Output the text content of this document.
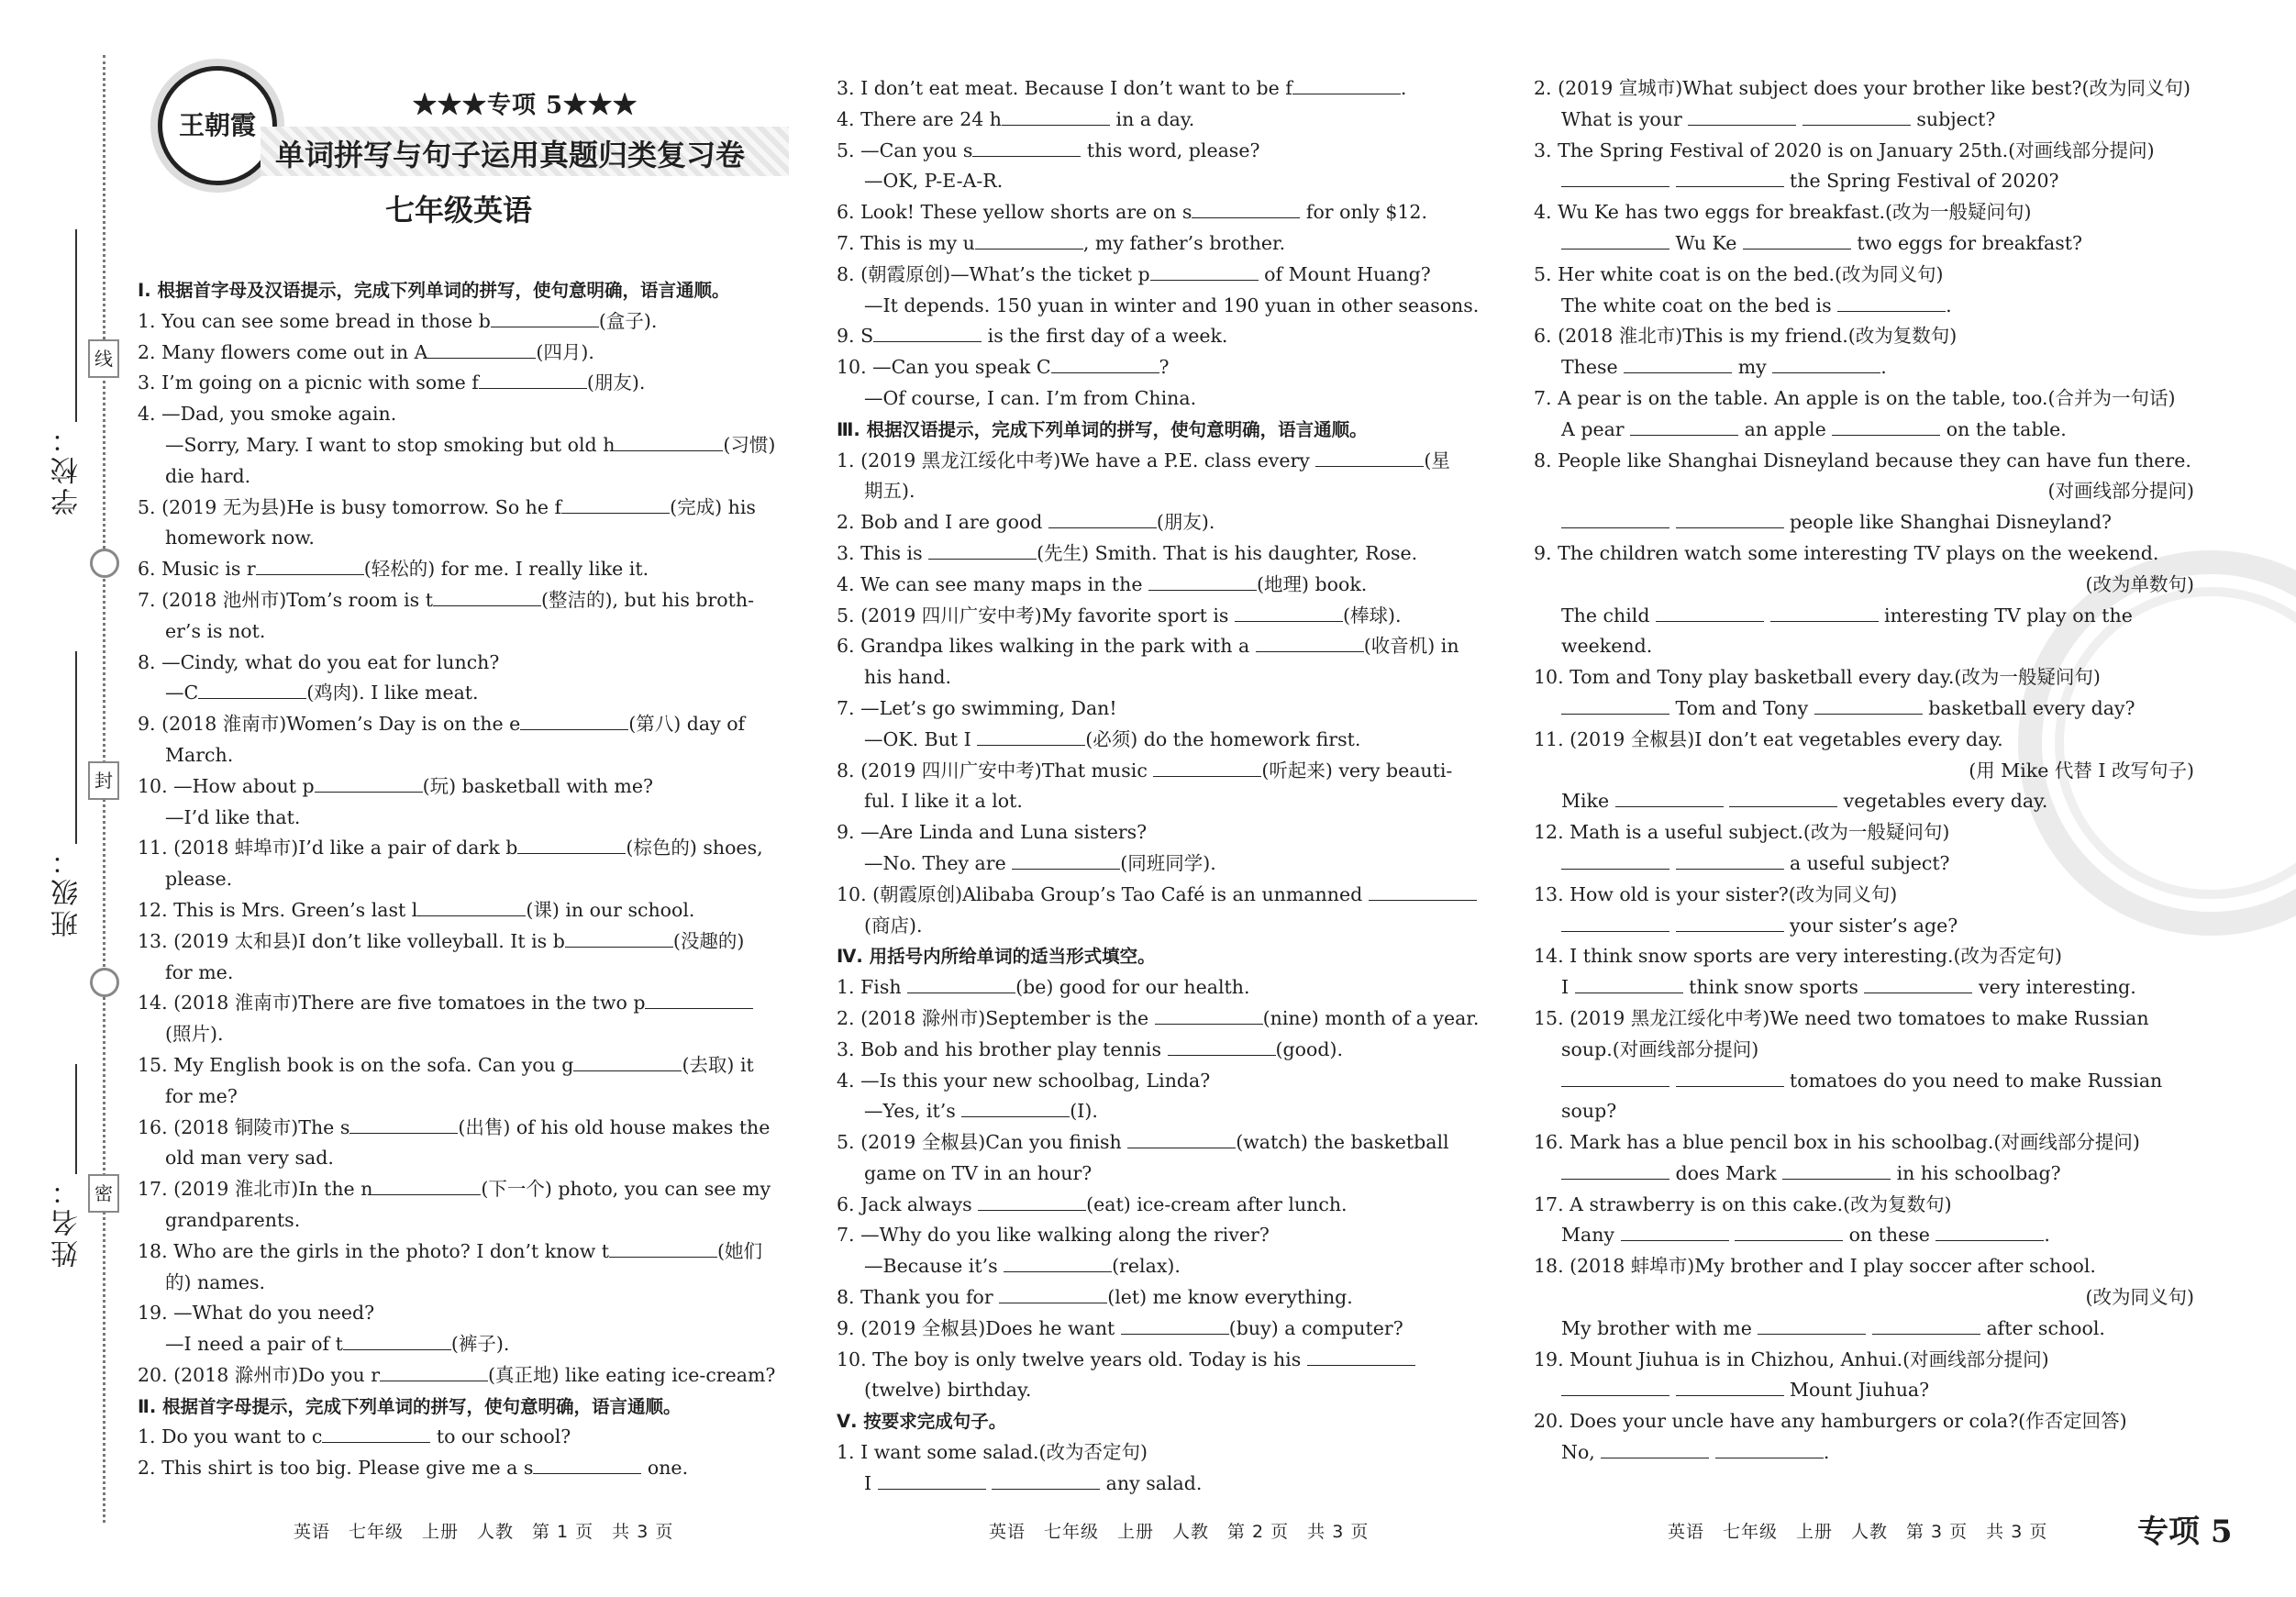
姓名：
班级：
学校：
线
封
密
王朝霞
★★★专项 5★★★
单词拼写与句子运用真题归类复习卷
七年级英语
Ⅰ. 根据首字母及汉语提示，完成下列单词的拼写，使句意明确，语言通顺。
1. You can see some bread in those b	(盒子).
2. Many flowers come out in A	(四月).
3. I’m going on a picnic with some f	(朋友).
4. —Dad, you smoke again.
—Sorry, Mary. I want to stop smoking but old h	(习惯)
die hard.
5. (2019 无为县)He is busy tomorrow. So he f	(完成) his
homework now.
6. Music is r	(轻松的) for me. I really like it.
7. (2018 池州市)Tom’s room is t	(整洁的), but his broth-
er’s is not.
8. —Cindy, what do you eat for lunch?
—C	(鸡肉). I like meat.
9. (2018 淮南市)Women’s Day is on the e	(第八) day of
March.
10. —How about p	(玩) basketball with me?
—I’d like that.
11. (2018 蚌埠市)I’d like a pair of dark b	(棕色的) shoes,
please.
12. This is Mrs. Green’s last l	(课) in our school.
13. (2019 太和县)I don’t like volleyball. It is b	(没趣的)
for me.
14. (2018 淮南市)There are five tomatoes in the two p
(照片).
15. My English book is on the sofa. Can you g	(去取) it
for me?
16. (2018 铜陵市)The s	(出售) of his old house makes the
old man very sad.
17. (2019 淮北市)In the n	(下一个) photo, you can see my
grandparents.
18. Who are the girls in the photo? I don’t know t	(她们
的) names.
19. —What do you need?
—I need a pair of t	(裤子).
20. (2018 滁州市)Do you r	(真正地) like eating ice-cream?
Ⅱ. 根据首字母提示，完成下列单词的拼写，使句意明确，语言通顺。
1. Do you want to c	to our school?
2. This shirt is too big. Please give me a s	one.
3. I don’t eat meat. Because I don’t want to be f	.
4. There are 24 h	in a day.
5. —Can you s	this word, please?
—OK, P-E-A-R.
6. Look! These yellow shorts are on s	for only $12.
7. This is my u	, my father’s brother.
8. (朝霞原创)—What’s the ticket p	of Mount Huang?
—It depends. 150 yuan in winter and 190 yuan in other seasons.
9. S	is the first day of a week.
10. —Can you speak C	?
—Of course, I can. I’m from China.
Ⅲ. 根据汉语提示，完成下列单词的拼写，使句意明确，语言通顺。
1. (2019 黑龙江绥化中考)We have a P.E. class every	(星
期五).
2. Bob and I are good	(朋友).
3. This is	(先生) Smith. That is his daughter, Rose.
4. We can see many maps in the	(地理) book.
5. (2019 四川广安中考)My favorite sport is	(棒球).
6. Grandpa likes walking in the park with a	(收音机) in
his hand.
7. —Let’s go swimming, Dan!
—OK. But I	(必须) do the homework first.
8. (2019 四川广安中考)That music	(听起来) very beauti-
ful. I like it a lot.
9. —Are Linda and Luna sisters?
—No. They are	(同班同学).
10. (朝霞原创)Alibaba Group’s Tao Café is an unmanned
(商店).
Ⅳ. 用括号内所给单词的适当形式填空。
1. Fish	(be) good for our health.
2. (2018 滁州市)September is the	(nine) month of a year.
3. Bob and his brother play tennis	(good).
4. —Is this your new schoolbag, Linda?
—Yes, it’s	(I).
5. (2019 全椒县)Can you finish	(watch) the basketball
game on TV in an hour?
6. Jack always	(eat) ice-cream after lunch.
7. —Why do you like walking along the river?
—Because it’s	(relax).
8. Thank you for	(let) me know everything.
9. (2019 全椒县)Does he want	(buy) a computer?
10. The boy is only twelve years old. Today is his
(twelve) birthday.
Ⅴ. 按要求完成句子。
1. I want some salad.(改为否定句)
I	any salad.
2. (2019 宣城市)What subject does your brother like best?(改为同义句)
What is your	subject?
3. The Spring Festival of 2020 is on January 25th.(对画线部分提问)
the Spring Festival of 2020?
4. Wu Ke has two eggs for breakfast.(改为一般疑问句)
Wu Ke	two eggs for breakfast?
5. Her white coat is on the bed.(改为同义句)
The white coat on the bed is	.
6. (2018 淮北市)This is my friend.(改为复数句)
These	my	.
7. A pear is on the table. An apple is on the table, too.(合并为一句话)
A pear	an apple	on the table.
8. People like Shanghai Disneyland because they can have fun there.
(对画线部分提问)
people like Shanghai Disneyland?
9. The children watch some interesting TV plays on the weekend.
(改为单数句)
The child	interesting TV play on the
weekend.
10. Tom and Tony play basketball every day.(改为一般疑问句)
Tom and Tony	basketball every day?
11. (2019 全椒县)I don’t eat vegetables every day.
(用 Mike 代替 I 改写句子)
Mike	vegetables every day.
12. Math is a useful subject.(改为一般疑问句)
a useful subject?
13. How old is your sister?(改为同义句)
your sister’s age?
14. I think snow sports are very interesting.(改为否定句)
I	think snow sports	very interesting.
15. (2019 黑龙江绥化中考)We need two tomatoes to make Russian
soup.(对画线部分提问)
tomatoes do you need to make Russian
soup?
16. Mark has a blue pencil box in his schoolbag.(对画线部分提问)
does Mark	in his schoolbag?
17. A strawberry is on this cake.(改为复数句)
Many	on these	.
18. (2018 蚌埠市)My brother and I play soccer after school.
(改为同义句)
My brother with me	after school.
19. Mount Jiuhua is in Chizhou, Anhui.(对画线部分提问)
Mount Jiuhua?
20. Does your uncle have any hamburgers or cola?(作否定回答)
No,	.
英语　七年级　上册　人教　第 1 页　共 3 页	英语　七年级　上册　人教　第 2 页　共 3 页	英语　七年级　上册　人教　第 3 页　共 3 页	专项 5
